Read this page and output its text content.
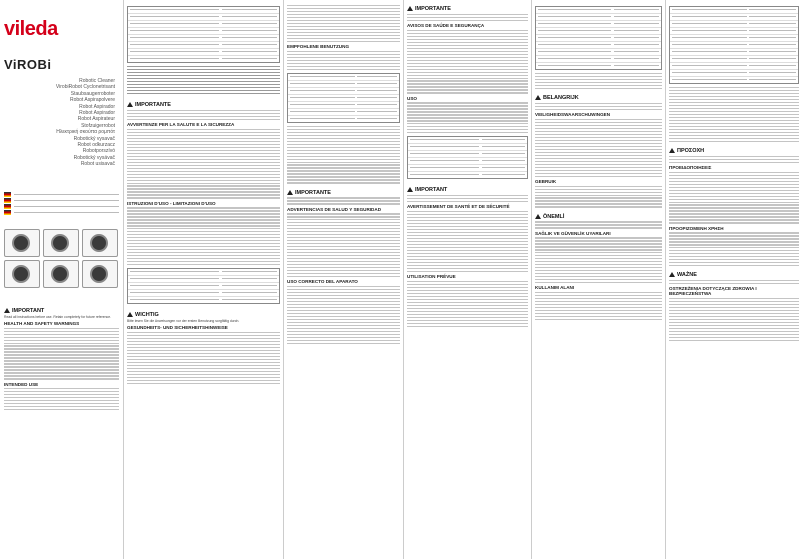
vileda
ViROBi
Robotic Cleaner
VirobiRobot Cyclonetrisant
Staubsaugerroboter
Robot Aspirapolvere
Robot Aspirador
Robot Aspirador
Robot Aspirateur
Stofzuigerrobot
Ηλεκτρική σκούπα ρομπότ
Robotický vysavač
Robot odkurzacz
Robotporszívó
Robotický vysávač
Robot usisavač
IMPORTANT
Read all instructions before use. Retain completely for future reference.
HEALTH AND SAFETY WARNINGS
INTENDED USE
IMPORTANTE
AVVERTENZE PER LA SALUTE E LA SICUREZZA
ISTRUZIONI D'USO - LIMITAZIONI D'USO
WICHTIG
Bitte lesen Sie die Anweisungen vor der ersten Benutzung sorgfältig durch.
GESUNDHEITS- UND SICHERHEITSHINWEISE
EMPFOHLENE BENUTZUNG
IMPORTANTE
ADVERTENCIAS DE SALUD Y SEGURIDAD
USO CORRECTO DEL APARATO
IMPORTANTE
AVISOS DE SAÚDE E SEGURANÇA
USO
IMPORTANT
AVERTISSEMENT DE SANTÉ ET DE SÉCURITÉ
UTILISATION PRÉVUE
BELANGRIJK
VEILIGHEIDSWAARSCHUWINGEN
GEBRUIK
ÖNEMLİ
SAĞLIK VE GÜVENLİK UYARILARI
KULLANIM ALANI
ΠΡΟΣΟΧΗ
ΠΡΟΕΙΔΟΠΟΙΗΣΕΙΣ
ΠΡΟΟΡΙΖΟΜΕΝΗ ΧΡΗΣΗ
WAŻNE
OSTRZEŻENIA DOTYCZĄCE ZDROWIA I BEZPIECZEŃSTWA
